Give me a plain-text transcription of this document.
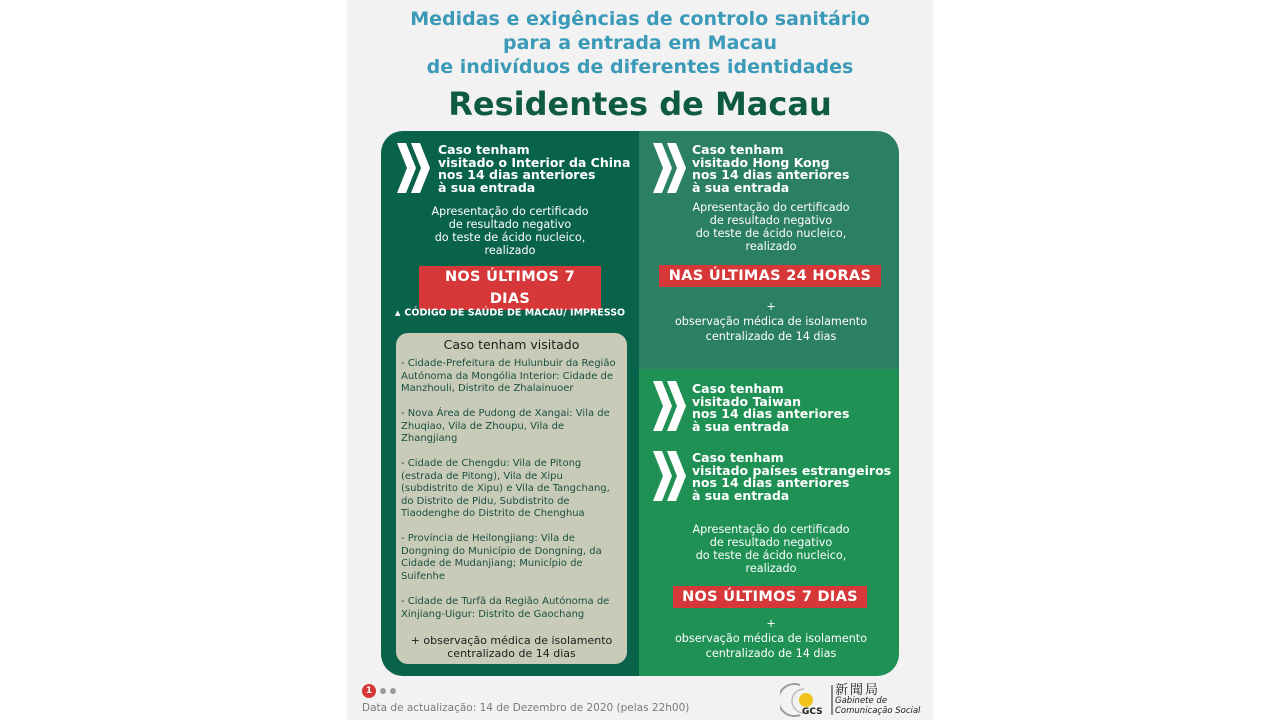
Medidas e exigências de controlo sanitário

para a entrada em Macau

de indivíduos de diferentes identidades

Residentes de Macau

Caso tenham
visitado o Interior da China
nos 14 dias anteriores
à sua entrada

Apresentação do certificado
de resultado negativo
do teste de ácido nucleico,
realizado

NOS ÚLTIMOS 7 DIAS
▲ CÓDIGO DE SAÚDE DE MACAU/ IMPRESSO

Caso tenham visitado

- Cidade-Prefeitura de Hulunbuir da Região
Autónoma da Mongólia Interior: Cidade de
Manzhouli, Distrito de Zhalainuoer

- Nova Área de Pudong de Xangai: Vila de
Zhuqiao, Vila de Zhoupu, Vila de
Zhangjiang

- Cidade de Chengdu: Vila de Pitong
(estrada de Pitong), Vila de Xipu
(subdistrito de Xipu) e Vila de Tangchang,
do Distrito de Pidu, Subdistrito de
Tiaodenghe do Distrito de Chenghua

- Província de Heilongjiang: Vila de
Dongning do Município de Dongning, da
Cidade de Mudanjiang; Município de
Suifenhe

- Cidade de Turfã da Região Autónoma de
Xinjiang-Uigur: Distrito de Gaochang

+ observação médica de isolamento
centralizado de 14 dias

Caso tenham
visitado Hong Kong
nos 14 dias anteriores
à sua entrada

Apresentação do certificado
de resultado negativo
do teste de ácido nucleico,
realizado

NAS ÚLTIMAS 24 HORAS

+
observação médica de isolamento
centralizado de 14 dias

Caso tenham
visitado Taiwan
nos 14 dias anteriores
à sua entrada

Caso tenham
visitado países estrangeiros
nos 14 dias anteriores
à sua entrada

Apresentação do certificado
de resultado negativo
do teste de ácido nucleico,
realizado

NOS ÚLTIMOS 7 DIAS

+
observação médica de isolamento
centralizado de 14 dias

1
Data de actualização: 14 de Dezembro de 2020 (pelas 22h00)	GCS
新聞局
Gabinete de
Comunicação Social
